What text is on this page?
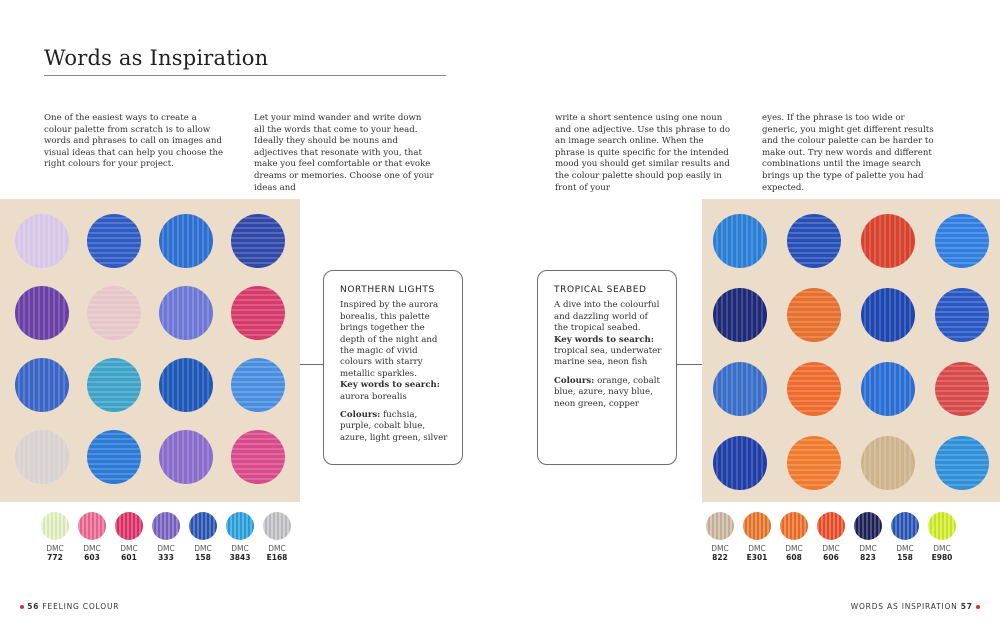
Words as Inspiration
One of the easiest ways to create a colour palette from scratch is to allow words and phrases to call on images and visual ideas that can help you choose the right colours for your project.
Let your mind wander and write down all the words that come to your head. Ideally they should be nouns and adjectives that resonate with you, that make you feel comfortable or that evoke dreams or memories. Choose one of your ideas and
write a short sentence using one noun and one adjective. Use this phrase to do an image search online. When the phrase is quite specific for the intended mood you should get similar results and the colour palette should pop easily in front of your
eyes. If the phrase is too wide or generic, you might get different results and the colour palette can be harder to make out. Try new words and different combinations until the image search brings up the type of palette you had expected.
NORTHERN LIGHTS
Inspired by the aurora borealis, this palette brings together the depth of the night and the magic of vivid colours with starry metallic sparkles.
Key words to search:
aurora borealis
Colours: fuchsia, purple, cobalt blue, azure, light green, silver
TROPICAL SEABED
A dive into the colourful and dazzling world of the tropical seabed.
Key words to search:
tropical sea, underwater marine sea, neon fish
Colours: orange, cobalt blue, azure, navy blue, neon green, copper
DMC
772
DMC
603
DMC
601
DMC
333
DMC
158
DMC
3843
DMC
E168
DMC
822
DMC
E301
DMC
608
DMC
606
DMC
823
DMC
158
DMC
E980
56 FEELING COLOUR	WORDS AS INSPIRATION 57
